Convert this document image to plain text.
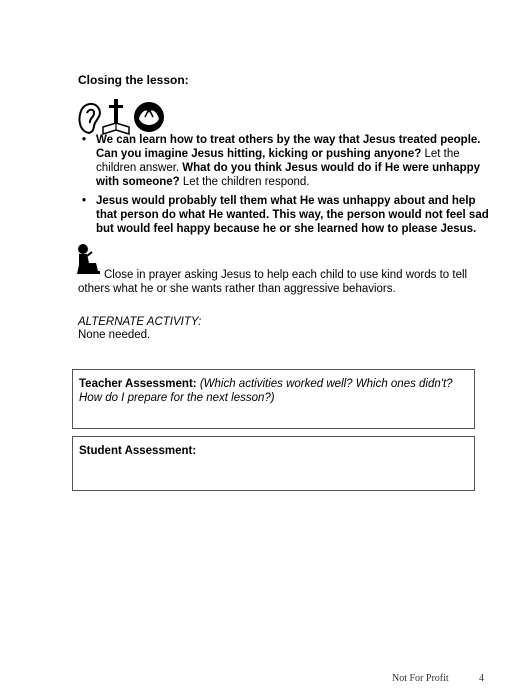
Closing the lesson:
• We can learn how to treat others by the way that Jesus treated people. Can you imagine Jesus hitting, kicking or pushing anyone? Let the children answer. What do you think Jesus would do if He were unhappy with someone? Let the children respond.
• Jesus would probably tell them what He was unhappy about and help that person do what He wanted. This way, the person would not feel sad but would feel happy because he or she learned how to please Jesus.
Close in prayer asking Jesus to help each child to use kind words to tell others what he or she wants rather than aggressive behaviors.
ALTERNATE ACTIVITY:
None needed.
Teacher Assessment: (Which activities worked well? Which ones didn't? How do I prepare for the next lesson?)
Student Assessment:
Not For Profit	4
